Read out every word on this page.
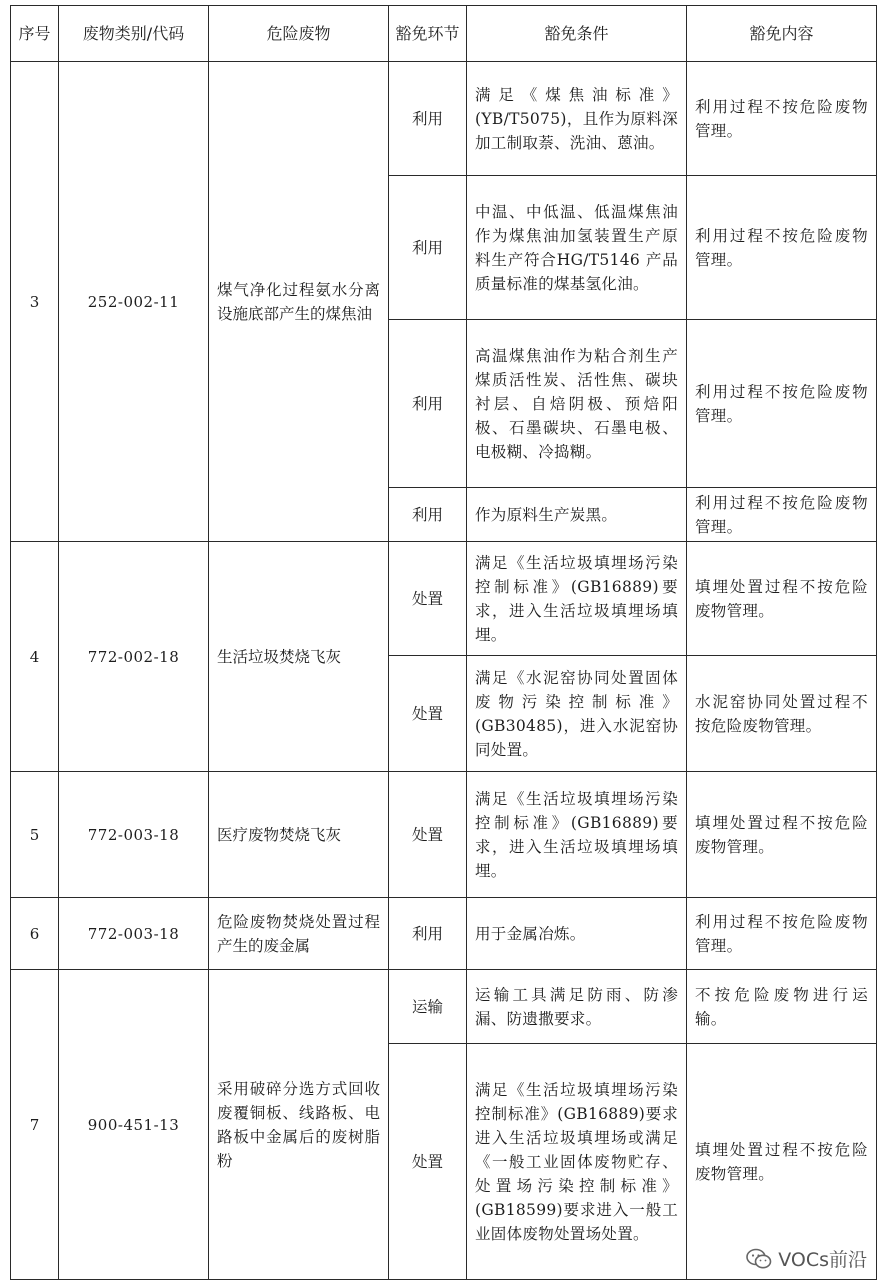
序号	废物类别/代码	危险废物	豁免环节	豁免条件	豁免内容
3	252-002-11	煤气净化过程氨水分离设施底部产生的煤焦油	利用	满足《煤焦油标准》(YB/T5075)，且作为原料深加工制取萘、洗油、蒽油。	利用过程不按危险废物管理。
			利用	中温、中低温、低温煤焦油作为煤焦油加氢装置生产原料生产符合HG/T5146 产品质量标准的煤基氢化油。	利用过程不按危险废物管理。
			利用	高温煤焦油作为粘合剂生产煤质活性炭、活性焦、碳块衬层、自焙阴极、预焙阳极、石墨碳块、石墨电极、电极糊、冷捣糊。	利用过程不按危险废物管理。
			利用	作为原料生产炭黑。	利用过程不按危险废物管理。
4	772-002-18	生活垃圾焚烧飞灰	处置	满足《生活垃圾填埋场污染控制标准》(GB16889)要求，进入生活垃圾填埋场填埋。	填埋处置过程不按危险废物管理。
			处置	满足《水泥窑协同处置固体废物污染控制标准》(GB30485)，进入水泥窑协同处置。	水泥窑协同处置过程不按危险废物管理。
5	772-003-18	医疗废物焚烧飞灰	处置	满足《生活垃圾填埋场污染控制标准》(GB16889)要求，进入生活垃圾填埋场填埋。	填埋处置过程不按危险废物管理。
6	772-003-18	危险废物焚烧处置过程产生的废金属	利用	用于金属冶炼。	利用过程不按危险废物管理。
7	900-451-13	采用破碎分选方式回收废覆铜板、线路板、电路板中金属后的废树脂粉	运输	运输工具满足防雨、防渗漏、防遗撒要求。	不按危险废物进行运输。
			处置	满足《生活垃圾填埋场污染控制标准》(GB16889)要求进入生活垃圾填埋场或满足《一般工业固体废物贮存、处置场污染控制标准》(GB18599)要求进入一般工业固体废物处置场处置。	填埋处置过程不按危险废物管理。
VOCs前沿
